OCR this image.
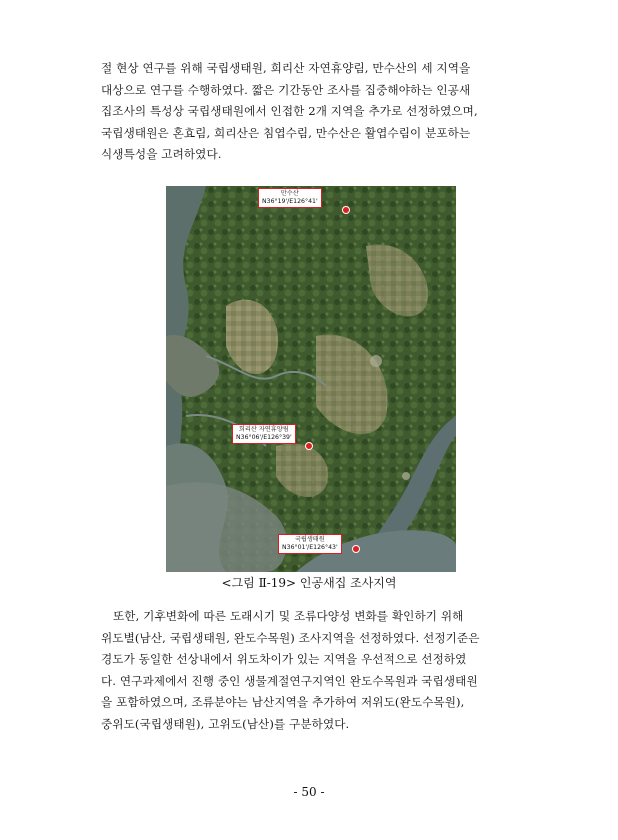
절 현상 연구를 위해 국립생태원, 희리산 자연휴양림, 만수산의 세 지역을
대상으로 연구를 수행하였다. 짧은 기간동안 조사를 집중해야하는 인공새
집조사의 특성상 국립생태원에서 인접한 2개 지역을 추가로 선정하였으며,
국립생태원은 혼효림, 희리산은 침엽수림, 만수산은 활엽수림이 분포하는
식생특성을 고려하였다.

만수산
N36°19'/E126°41'
희리산 자연휴양림
N36°06'/E126°39'
국립생태원
N36°01'/E126°43'
<그림 Ⅱ-19> 인공새집 조사지역

또한, 기후변화에 따른 도래시기 및 조류다양성 변화를 확인하기 위해
위도별(남산, 국립생태원, 완도수목원) 조사지역을 선정하였다. 선정기준은
경도가 동일한 선상내에서 위도차이가 있는 지역을 우선적으로 선정하였
다. 연구과제에서 진행 중인 생물계절연구지역인 완도수목원과 국립생태원
을 포함하였으며, 조류분야는 남산지역을 추가하여 저위도(완도수목원),
중위도(국립생태원), 고위도(남산)를 구분하였다.

- 50 -
